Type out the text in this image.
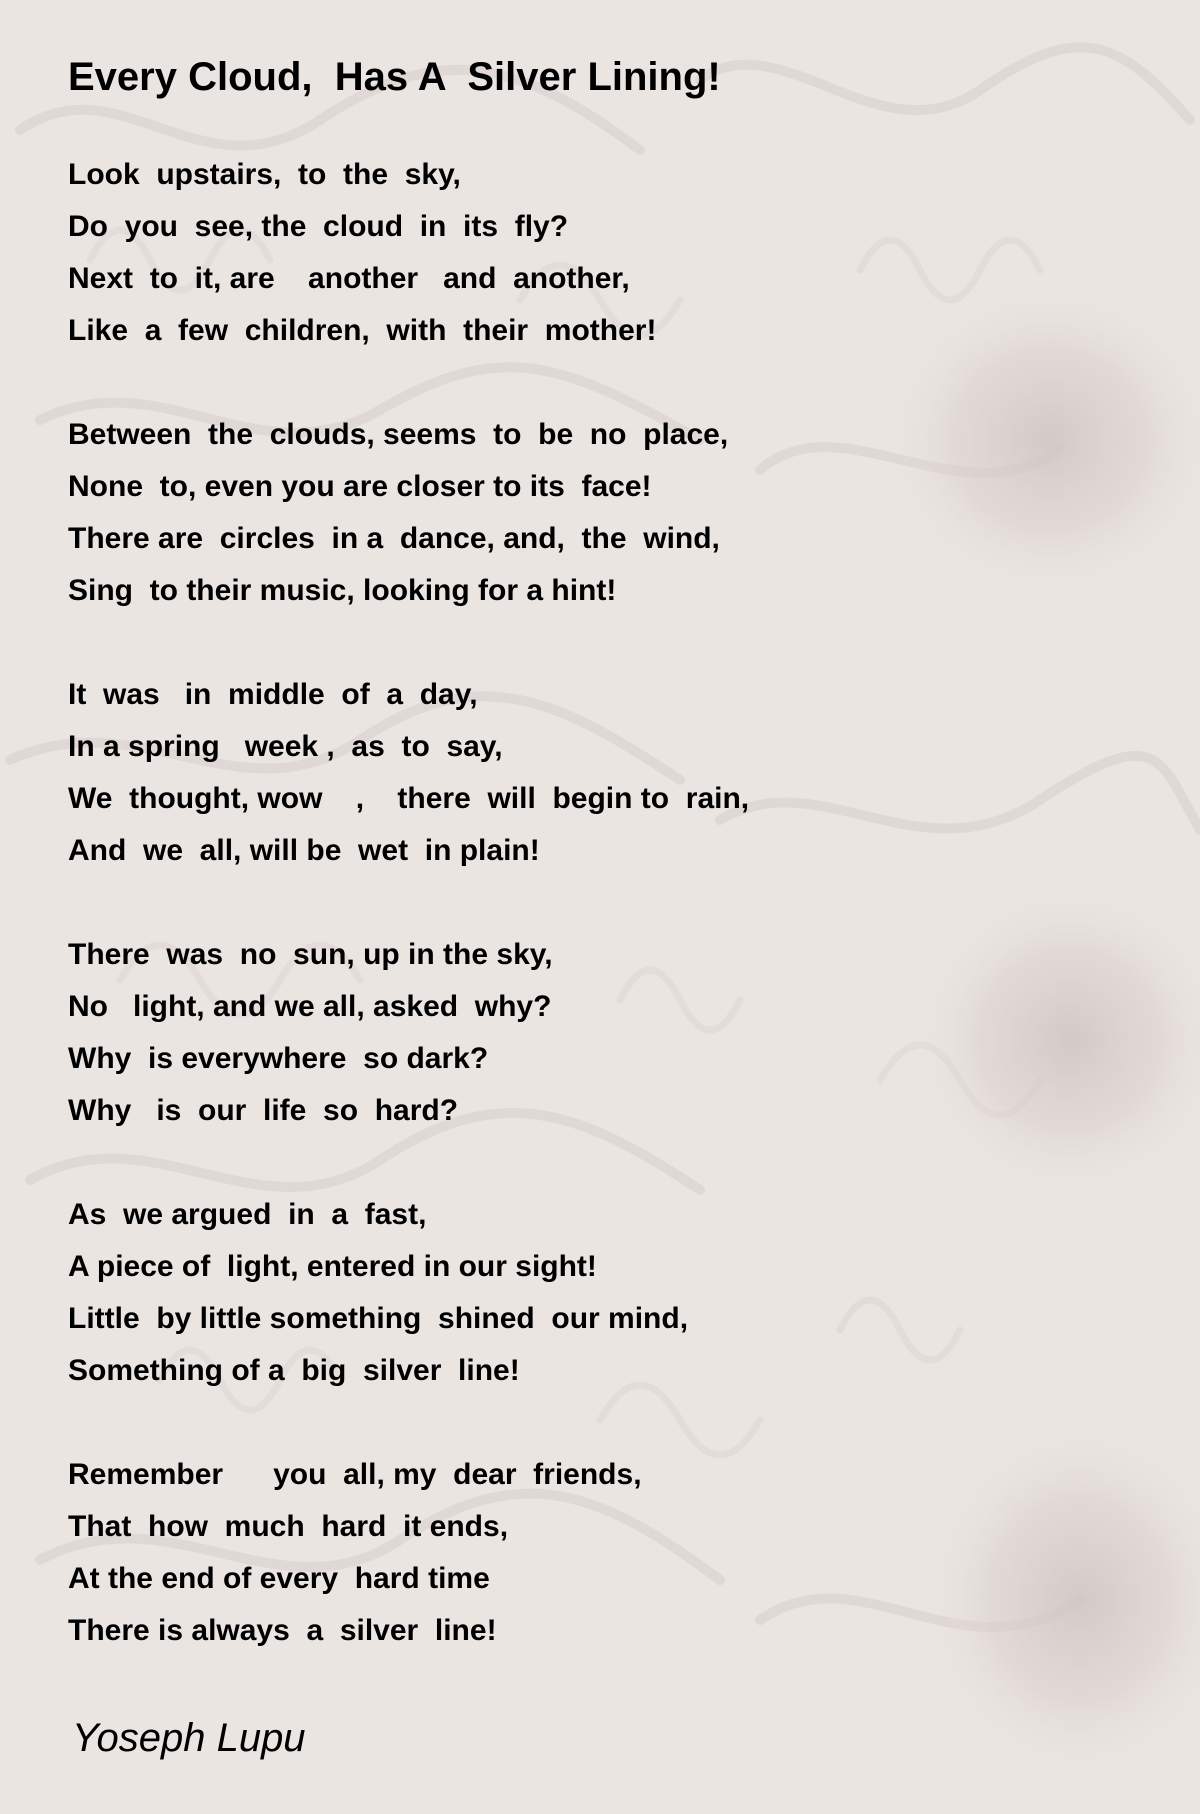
Every Cloud,  Has A  Silver Lining!
Look  upstairs,  to  the  sky,
Do  you  see, the  cloud  in  its  fly?
Next  to  it, are    another   and  another,
Like  a  few  children,  with  their  mother!
Between  the  clouds, seems  to  be  no  place,
None  to, even you are closer to its  face!
There are  circles  in a  dance, and,  the  wind,
Sing  to their music, looking for a hint!
It  was   in  middle  of  a  day,
In a spring   week ,  as  to  say,
We  thought, wow    ,    there  will  begin to  rain,
And  we  all, will be  wet  in plain!
There  was  no  sun, up in the sky,
No   light, and we all, asked  why?
Why  is everywhere  so dark?
Why   is  our  life  so  hard?
As  we argued  in  a  fast,
A piece of  light, entered in our sight!
Little  by little something  shined  our mind,
Something of a  big  silver  line!
Remember      you  all, my  dear  friends,
That  how  much  hard  it ends,
At the end of every  hard time
There is always  a  silver  line!

Yoseph Lupu
